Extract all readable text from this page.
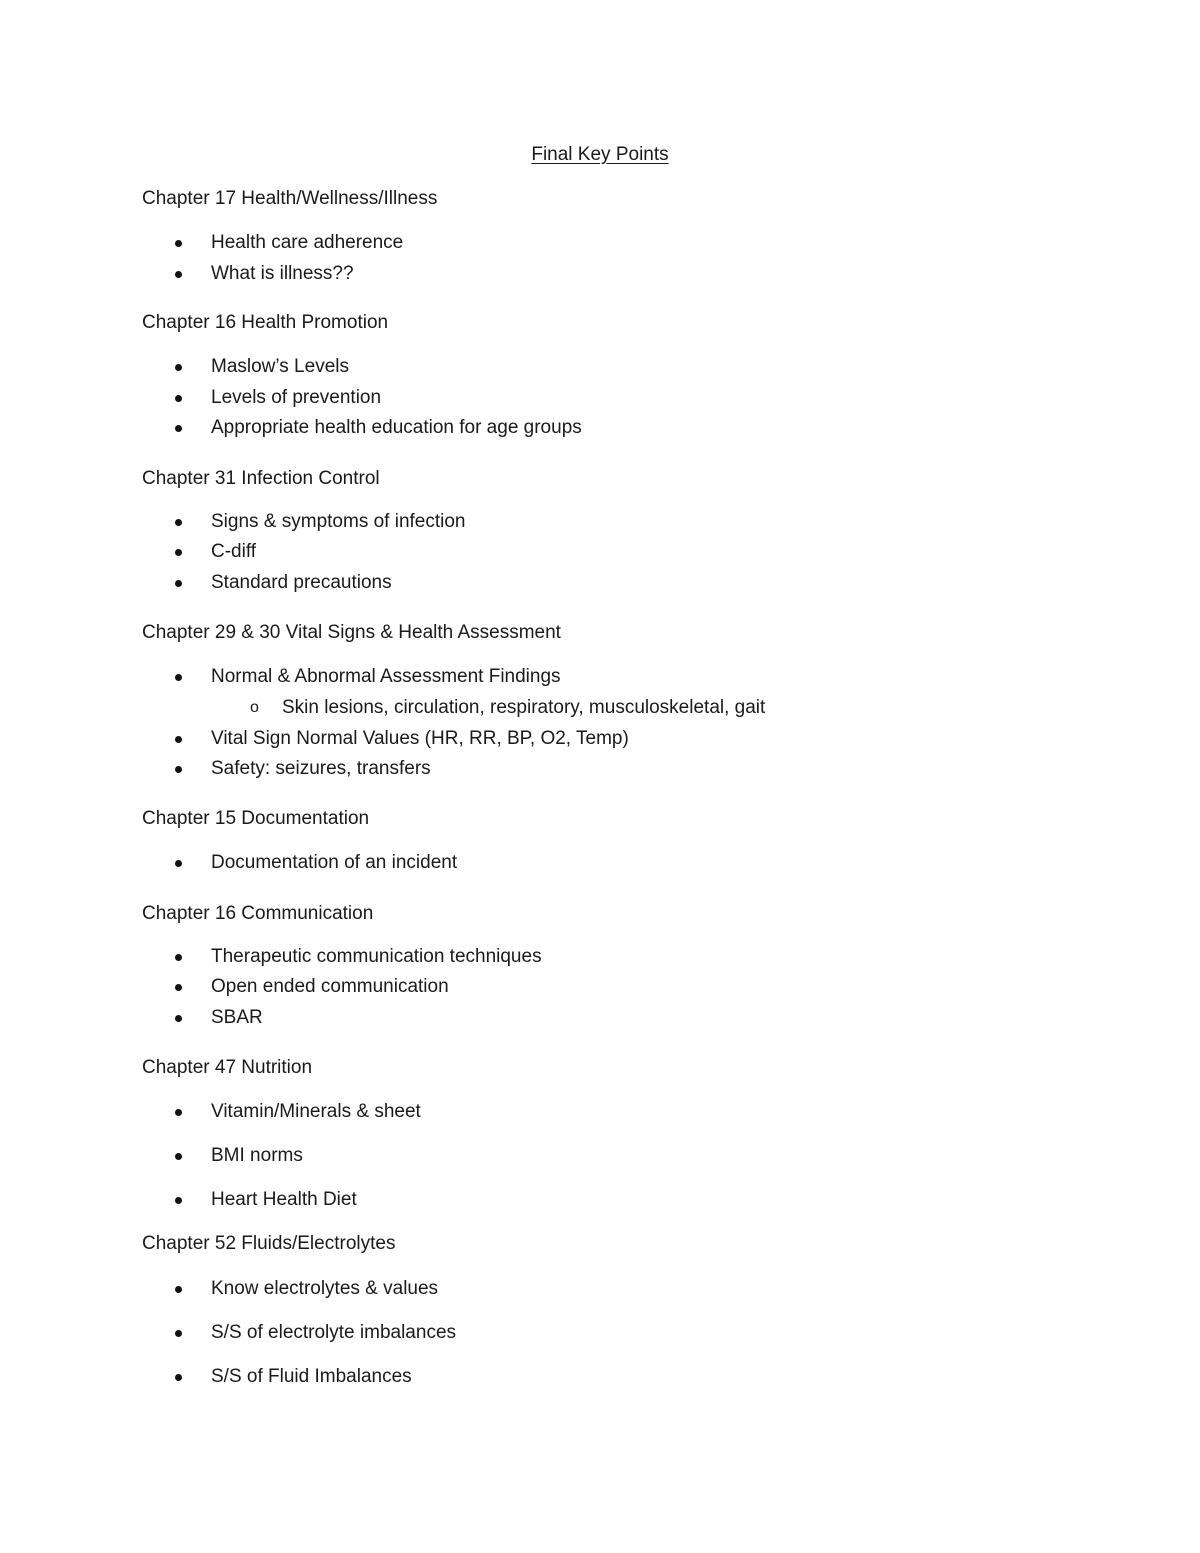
Final Key Points
Chapter 17 Health/Wellness/Illness
Health care adherence
What is illness??
Chapter 16 Health Promotion
Maslow’s Levels
Levels of prevention
Appropriate health education for age groups
Chapter 31 Infection Control
Signs & symptoms of infection
C-diff
Standard precautions
Chapter 29 & 30 Vital Signs & Health Assessment
Normal & Abnormal Assessment Findings
o Skin lesions, circulation, respiratory, musculoskeletal, gait
Vital Sign Normal Values (HR, RR, BP, O2, Temp)
Safety: seizures, transfers
Chapter 15 Documentation
Documentation of an incident
Chapter 16 Communication
Therapeutic communication techniques
Open ended communication
SBAR
Chapter 47 Nutrition
Vitamin/Minerals & sheet
BMI norms
Heart Health Diet
Chapter 52 Fluids/Electrolytes
Know electrolytes & values
S/S of electrolyte imbalances
S/S of Fluid Imbalances
